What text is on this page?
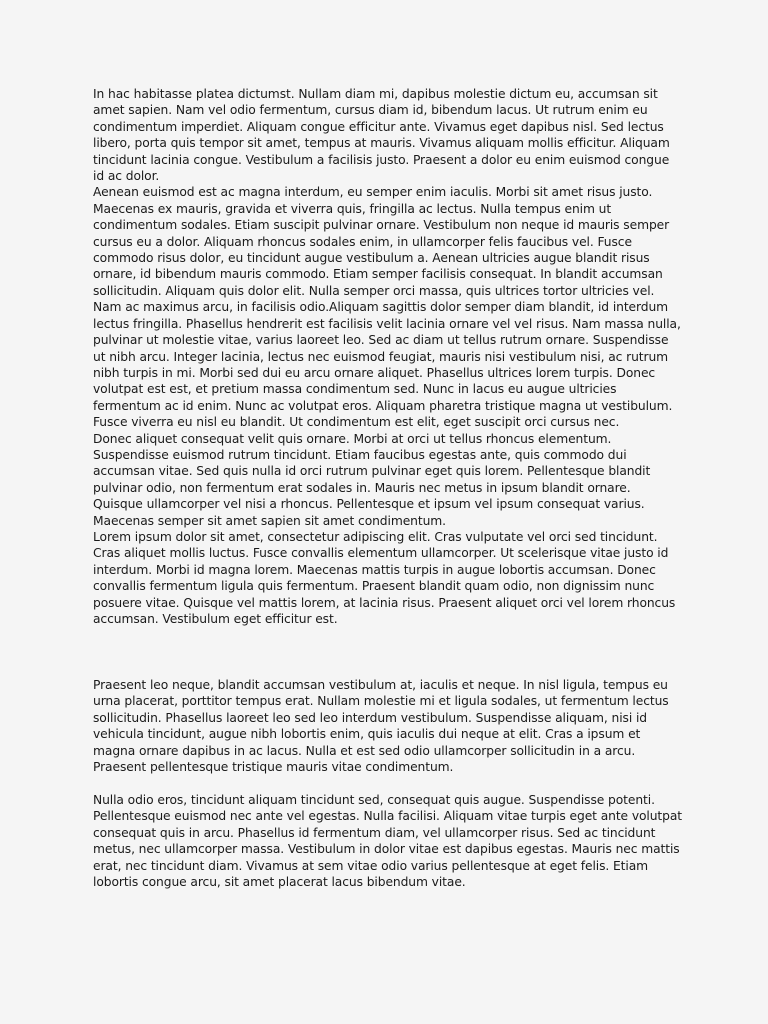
In hac habitasse platea dictumst. Nullam diam mi, dapibus molestie dictum eu, accumsan sit amet sapien. Nam vel odio fermentum, cursus diam id, bibendum lacus. Ut rutrum enim eu condimentum imperdiet. Aliquam congue efficitur ante. Vivamus eget dapibus nisl. Sed lectus libero, porta quis tempor sit amet, tempus at mauris. Vivamus aliquam mollis efficitur. Aliquam tincidunt lacinia congue. Vestibulum a facilisis justo. Praesent a dolor eu enim euismod congue id ac dolor.

Aenean euismod est ac magna interdum, eu semper enim iaculis. Morbi sit amet risus justo. Maecenas ex mauris, gravida et viverra quis, fringilla ac lectus. Nulla tempus enim ut condimentum sodales. Etiam suscipit pulvinar ornare. Vestibulum non neque id mauris semper cursus eu a dolor. Aliquam rhoncus sodales enim, in ullamcorper felis faucibus vel. Fusce commodo risus dolor, eu tincidunt augue vestibulum a. Aenean ultricies augue blandit risus ornare, id bibendum mauris commodo. Etiam semper facilisis consequat. In blandit accumsan sollicitudin. Aliquam quis dolor elit. Nulla semper orci massa, quis ultrices tortor ultricies vel. Nam ac maximus arcu, in facilisis odio.Aliquam sagittis dolor semper diam blandit, id interdum lectus fringilla. Phasellus hendrerit est facilisis velit lacinia ornare vel vel risus. Nam massa nulla, pulvinar ut molestie vitae, varius laoreet leo. Sed ac diam ut tellus rutrum ornare. Suspendisse ut nibh arcu. Integer lacinia, lectus nec euismod feugiat, mauris nisi vestibulum nisi, ac rutrum nibh turpis in mi. Morbi sed dui eu arcu ornare aliquet. Phasellus ultrices lorem turpis. Donec volutpat est est, et pretium massa condimentum sed. Nunc in lacus eu augue ultricies fermentum ac id enim. Nunc ac volutpat eros. Aliquam pharetra tristique magna ut vestibulum. Fusce viverra eu nisl eu blandit. Ut condimentum est elit, eget suscipit orci cursus nec.

Donec aliquet consequat velit quis ornare. Morbi at orci ut tellus rhoncus elementum. Suspendisse euismod rutrum tincidunt. Etiam faucibus egestas ante, quis commodo dui accumsan vitae. Sed quis nulla id orci rutrum pulvinar eget quis lorem. Pellentesque blandit pulvinar odio, non fermentum erat sodales in. Mauris nec metus in ipsum blandit ornare. Quisque ullamcorper vel nisi a rhoncus. Pellentesque et ipsum vel ipsum consequat varius. Maecenas semper sit amet sapien sit amet condimentum.

Lorem ipsum dolor sit amet, consectetur adipiscing elit. Cras vulputate vel orci sed tincidunt. Cras aliquet mollis luctus. Fusce convallis elementum ullamcorper. Ut scelerisque vitae justo id interdum. Morbi id magna lorem. Maecenas mattis turpis in augue lobortis accumsan. Donec convallis fermentum ligula quis fermentum. Praesent blandit quam odio, non dignissim nunc posuere vitae. Quisque vel mattis lorem, at lacinia risus. Praesent aliquet orci vel lorem rhoncus accumsan. Vestibulum eget efficitur est.

Praesent leo neque, blandit accumsan vestibulum at, iaculis et neque. In nisl ligula, tempus eu urna placerat, porttitor tempus erat. Nullam molestie mi et ligula sodales, ut fermentum lectus sollicitudin. Phasellus laoreet leo sed leo interdum vestibulum. Suspendisse aliquam, nisi id vehicula tincidunt, augue nibh lobortis enim, quis iaculis dui neque at elit. Cras a ipsum et magna ornare dapibus in ac lacus. Nulla et est sed odio ullamcorper sollicitudin in a arcu. Praesent pellentesque tristique mauris vitae condimentum.

Nulla odio eros, tincidunt aliquam tincidunt sed, consequat quis augue. Suspendisse potenti. Pellentesque euismod nec ante vel egestas. Nulla facilisi. Aliquam vitae turpis eget ante volutpat consequat quis in arcu. Phasellus id fermentum diam, vel ullamcorper risus. Sed ac tincidunt metus, nec ullamcorper massa. Vestibulum in dolor vitae est dapibus egestas. Mauris nec mattis erat, nec tincidunt diam. Vivamus at sem vitae odio varius pellentesque at eget felis. Etiam lobortis congue arcu, sit amet placerat lacus bibendum vitae.
